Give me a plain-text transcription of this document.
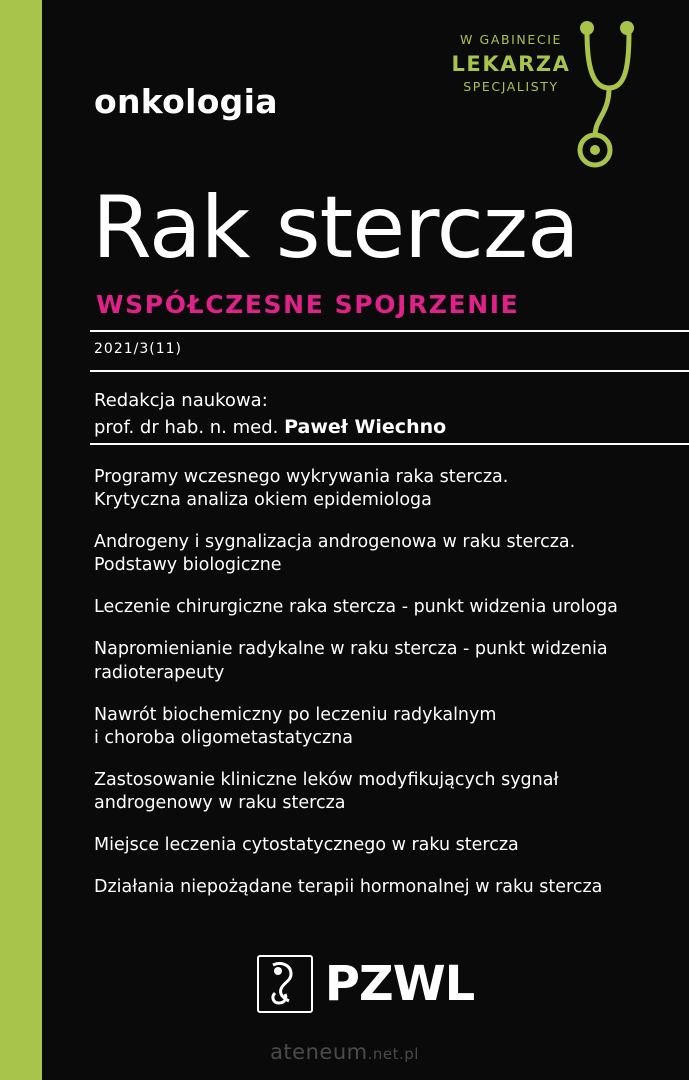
W GABINECIE
LEKARZA
SPECJALISTY
onkologia
Rak stercza
WSPÓŁCZESNE SPOJRZENIE
2021/3(11)
Redakcja naukowa:
prof. dr hab. n. med. Paweł Wiechno
Programy wczesnego wykrywania raka stercza.
Krytyczna analiza okiem epidemiologa
Androgeny i sygnalizacja androgenowa w raku stercza.
Podstawy biologiczne
Leczenie chirurgiczne raka stercza - punkt widzenia urologa
Napromienianie radykalne w raku stercza - punkt widzenia
radioterapeuty
Nawrót biochemiczny po leczeniu radykalnym
i choroba oligometastatyczna
Zastosowanie kliniczne leków modyfikujących sygnał
androgenowy w raku stercza
Miejsce leczenia cytostatycznego w raku stercza
Działania niepożądane terapii hormonalnej w raku stercza
PZWL
ateneum.net.pl
